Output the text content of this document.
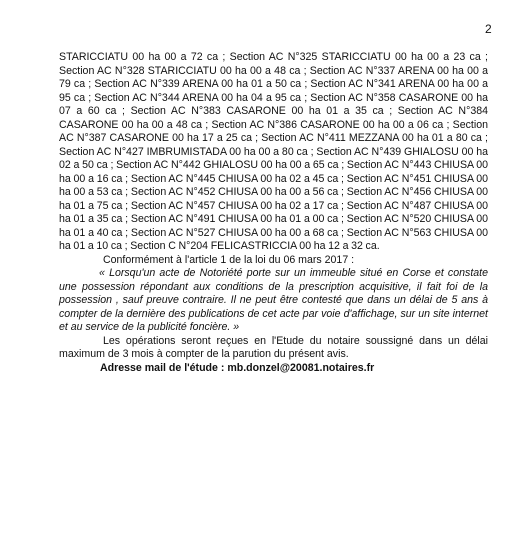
2

STARICCIATU 00 ha 00 a 72 ca ; Section AC N°325 STARICCIATU 00 ha 00 a 23 ca ; Section AC N°328 STARICCIATU 00 ha 00 a 48 ca ; Section AC N°337 ARENA 00 ha 00 a 79 ca ; Section AC N°339 ARENA 00 ha 01 a 50 ca ; Section AC N°341 ARENA 00 ha 00 a 95 ca ; Section AC N°344 ARENA 00 ha 04 a 95 ca ; Section AC N°358 CASARONE 00 ha 07 a 60 ca ; Section AC N°383 CASARONE 00 ha 01 a 35 ca ; Section AC N°384 CASARONE 00 ha 00 a 48 ca ; Section AC N°386 CASARONE 00 ha 00 a 06 ca ; Section AC N°387 CASARONE 00 ha 17 a 25 ca ; Section AC N°411 MEZZANA 00 ha 01 a 80 ca ; Section AC N°427 IMBRUMISTADA 00 ha 00 a 80 ca ; Section AC N°439 GHIALOSU 00 ha 02 a 50 ca ; Section AC N°442 GHIALOSU 00 ha 00 a 65 ca ; Section AC N°443 CHIUSA 00 ha 00 a 16 ca ; Section AC N°445 CHIUSA 00 ha 02 a 45 ca ; Section AC N°451 CHIUSA 00 ha 00 a 53 ca ; Section AC N°452 CHIUSA 00 ha 00 a 56 ca ; Section AC N°456 CHIUSA 00 ha 01 a 75 ca ; Section AC N°457 CHIUSA 00 ha 02 a 17 ca ; Section AC N°487 CHIUSA 00 ha 01 a 35 ca ; Section AC N°491 CHIUSA 00 ha 01 a 00 ca ; Section AC N°520 CHIUSA 00 ha 01 a 40 ca ; Section AC N°527 CHIUSA 00 ha 00 a 68 ca ; Section AC N°563 CHIUSA 00 ha 01 a 10 ca ; Section C N°204 FELICASTRICCIA 00 ha 12 a 32 ca.

Conformément à l'article 1 de la loi du 06 mars 2017 :

« Lorsqu'un acte de Notoriété porte sur un immeuble situé en Corse et constate une possession répondant aux conditions de la prescription acquisitive, il fait foi de la possession , sauf preuve contraire. Il ne peut être contesté que dans un délai de 5 ans à compter de la dernière des publications de cet acte par voie d'affichage, sur un site internet et au service de la publicité foncière. »

Les opérations seront reçues en l'Etude du notaire soussigné dans un délai maximum de 3 mois à compter de la parution du présent avis.

Adresse mail de l'étude : mb.donzel@20081.notaires.fr
